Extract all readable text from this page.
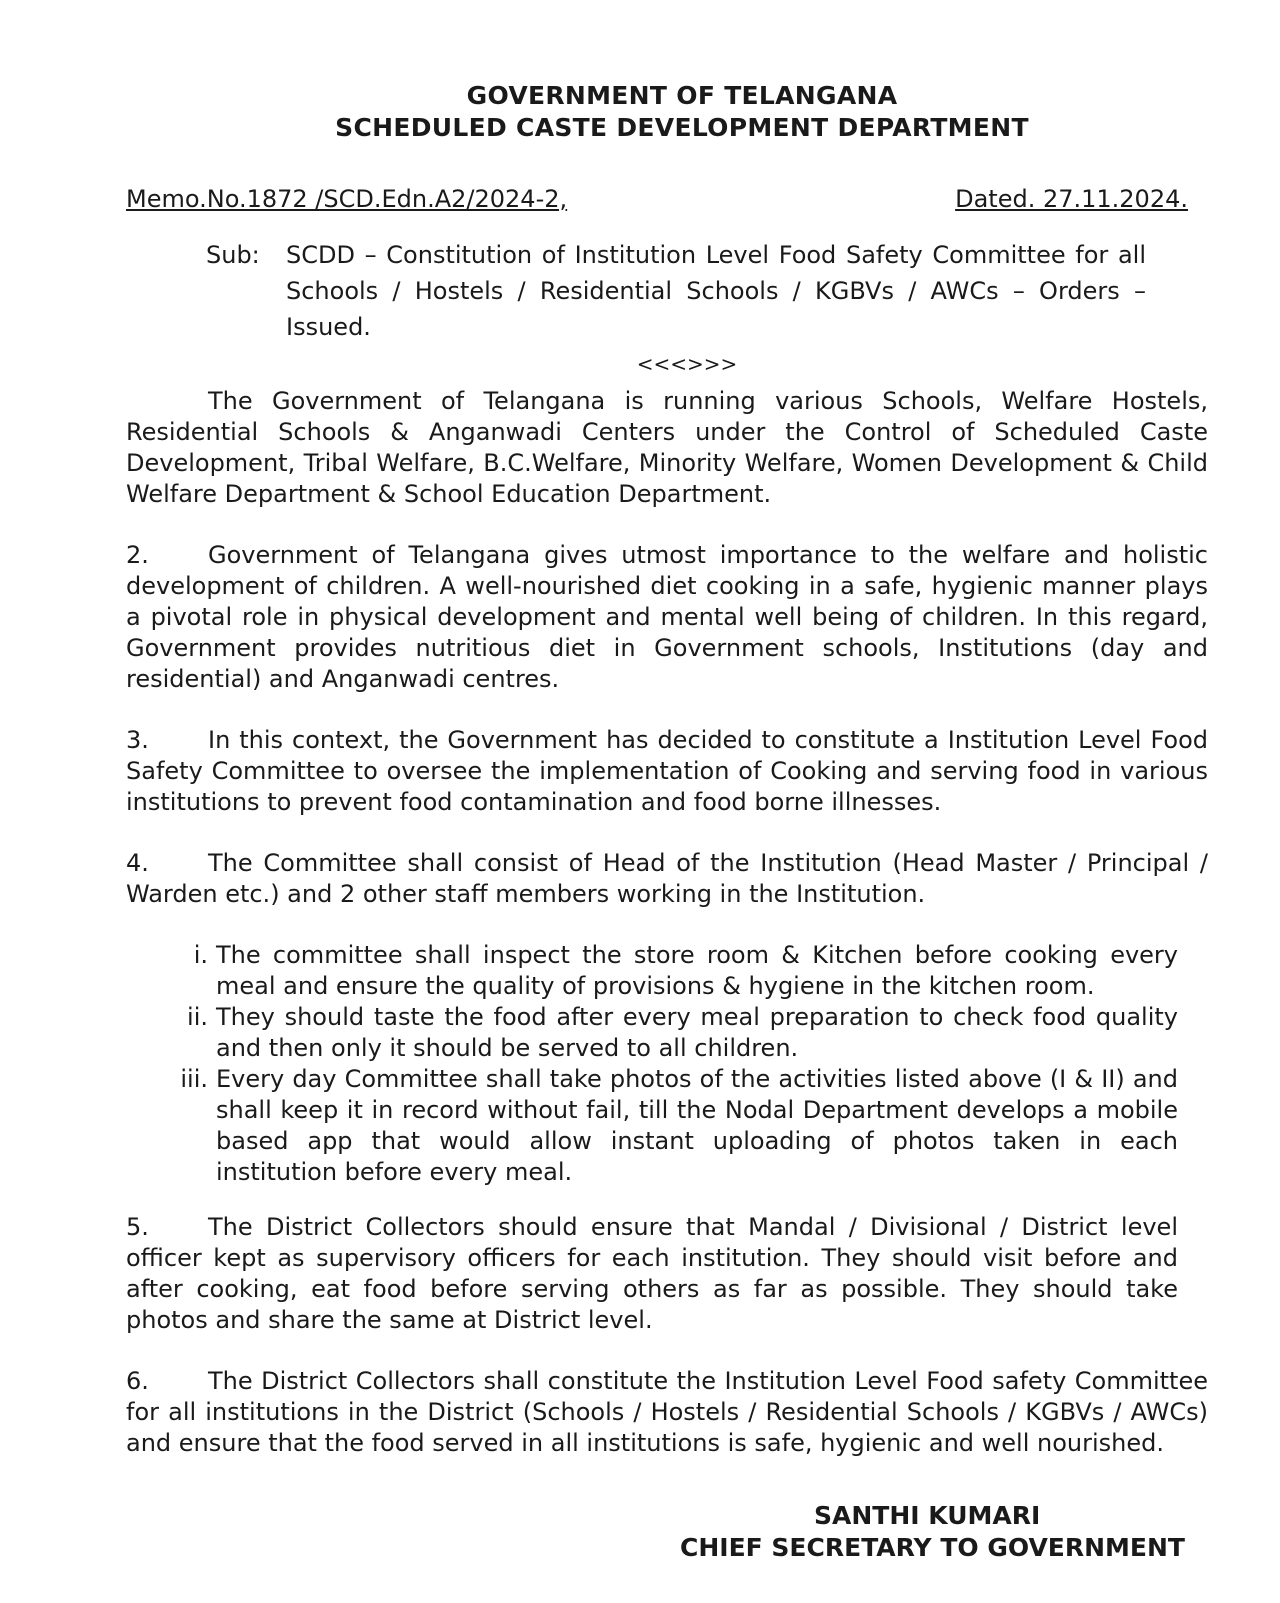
GOVERNMENT OF TELANGANA
SCHEDULED CASTE DEVELOPMENT DEPARTMENT
Memo.No.1872 /SCD.Edn.A2/2024-2,	Dated. 27.11.2024.
Sub:	SCDD – Constitution of Institution Level Food Safety Committee for all Schools / Hostels / Residential Schools / KGBVs / AWCs – Orders – Issued.
<<<>>>

The Government of Telangana is running various Schools, Welfare Hostels, Residential Schools & Anganwadi Centers under the Control of Scheduled Caste Development, Tribal Welfare, B.C.Welfare, Minority Welfare, Women Development & Child Welfare Department & School Education Department.

2. Government of Telangana gives utmost importance to the welfare and holistic development of children. A well-nourished diet cooking in a safe, hygienic manner plays a pivotal role in physical development and mental well being of children. In this regard, Government provides nutritious diet in Government schools, Institutions (day and residential) and Anganwadi centres.

3. In this context, the Government has decided to constitute a Institution Level Food Safety Committee to oversee the implementation of Cooking and serving food in various institutions to prevent food contamination and food borne illnesses.

4. The Committee shall consist of Head of the Institution (Head Master / Principal / Warden etc.) and 2 other staff members working in the Institution.

i. The committee shall inspect the store room & Kitchen before cooking every meal and ensure the quality of provisions & hygiene in the kitchen room.
ii. They should taste the food after every meal preparation to check food quality and then only it should be served to all children.
iii. Every day Committee shall take photos of the activities listed above (I & II) and shall keep it in record without fail, till the Nodal Department develops a mobile based app that would allow instant uploading of photos taken in each institution before every meal.

5. The District Collectors should ensure that Mandal / Divisional / District level officer kept as supervisory officers for each institution. They should visit before and after cooking, eat food before serving others as far as possible. They should take photos and share the same at District level.

6. The District Collectors shall constitute the Institution Level Food safety Committee for all institutions in the District (Schools / Hostels / Residential Schools / KGBVs / AWCs) and ensure that the food served in all institutions is safe, hygienic and well nourished.

SANTHI KUMARI
CHIEF SECRETARY TO GOVERNMENT
